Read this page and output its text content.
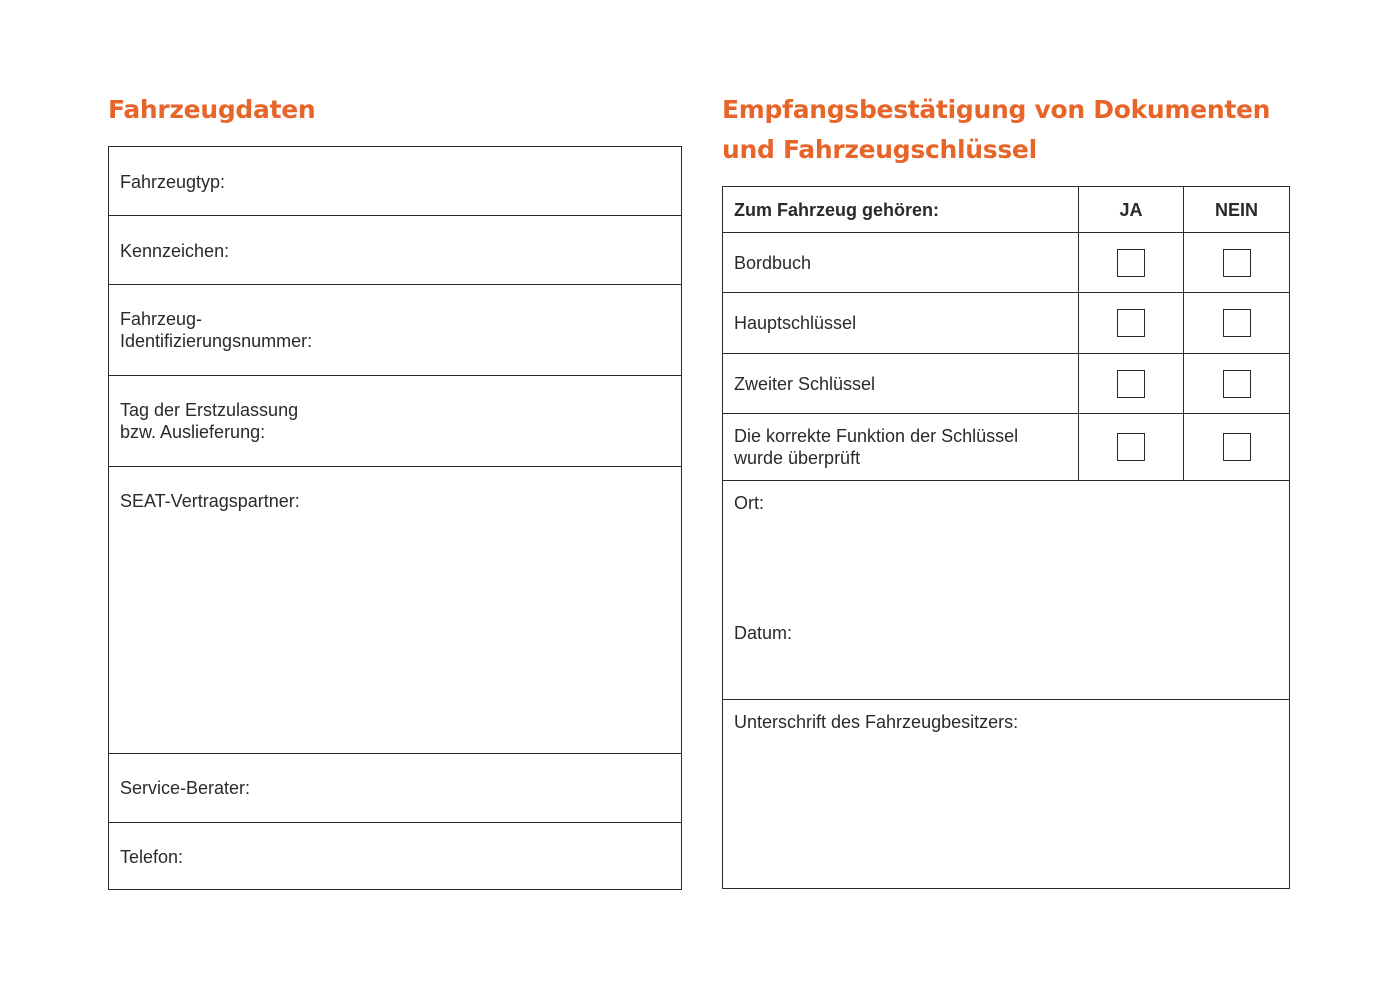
Fahrzeugdaten

Fahrzeugtyp:

Kennzeichen:

Fahrzeug-
Identifizierungsnummer:

Tag der Erstzulassung
bzw. Auslieferung:

SEAT-Vertragspartner:

Service-Berater:

Telefon:

Empfangsbestätigung von Dokumenten und Fahrzeugschlüssel
Zum Fahrzeug gehören:	JA	NEIN
Bordbuch
Hauptschlüssel
Zweiter Schlüssel
Die korrekte Funktion der Schlüssel
wurde überprüft
Ort:
Datum:
Unterschrift des Fahrzeugbesitzers:
